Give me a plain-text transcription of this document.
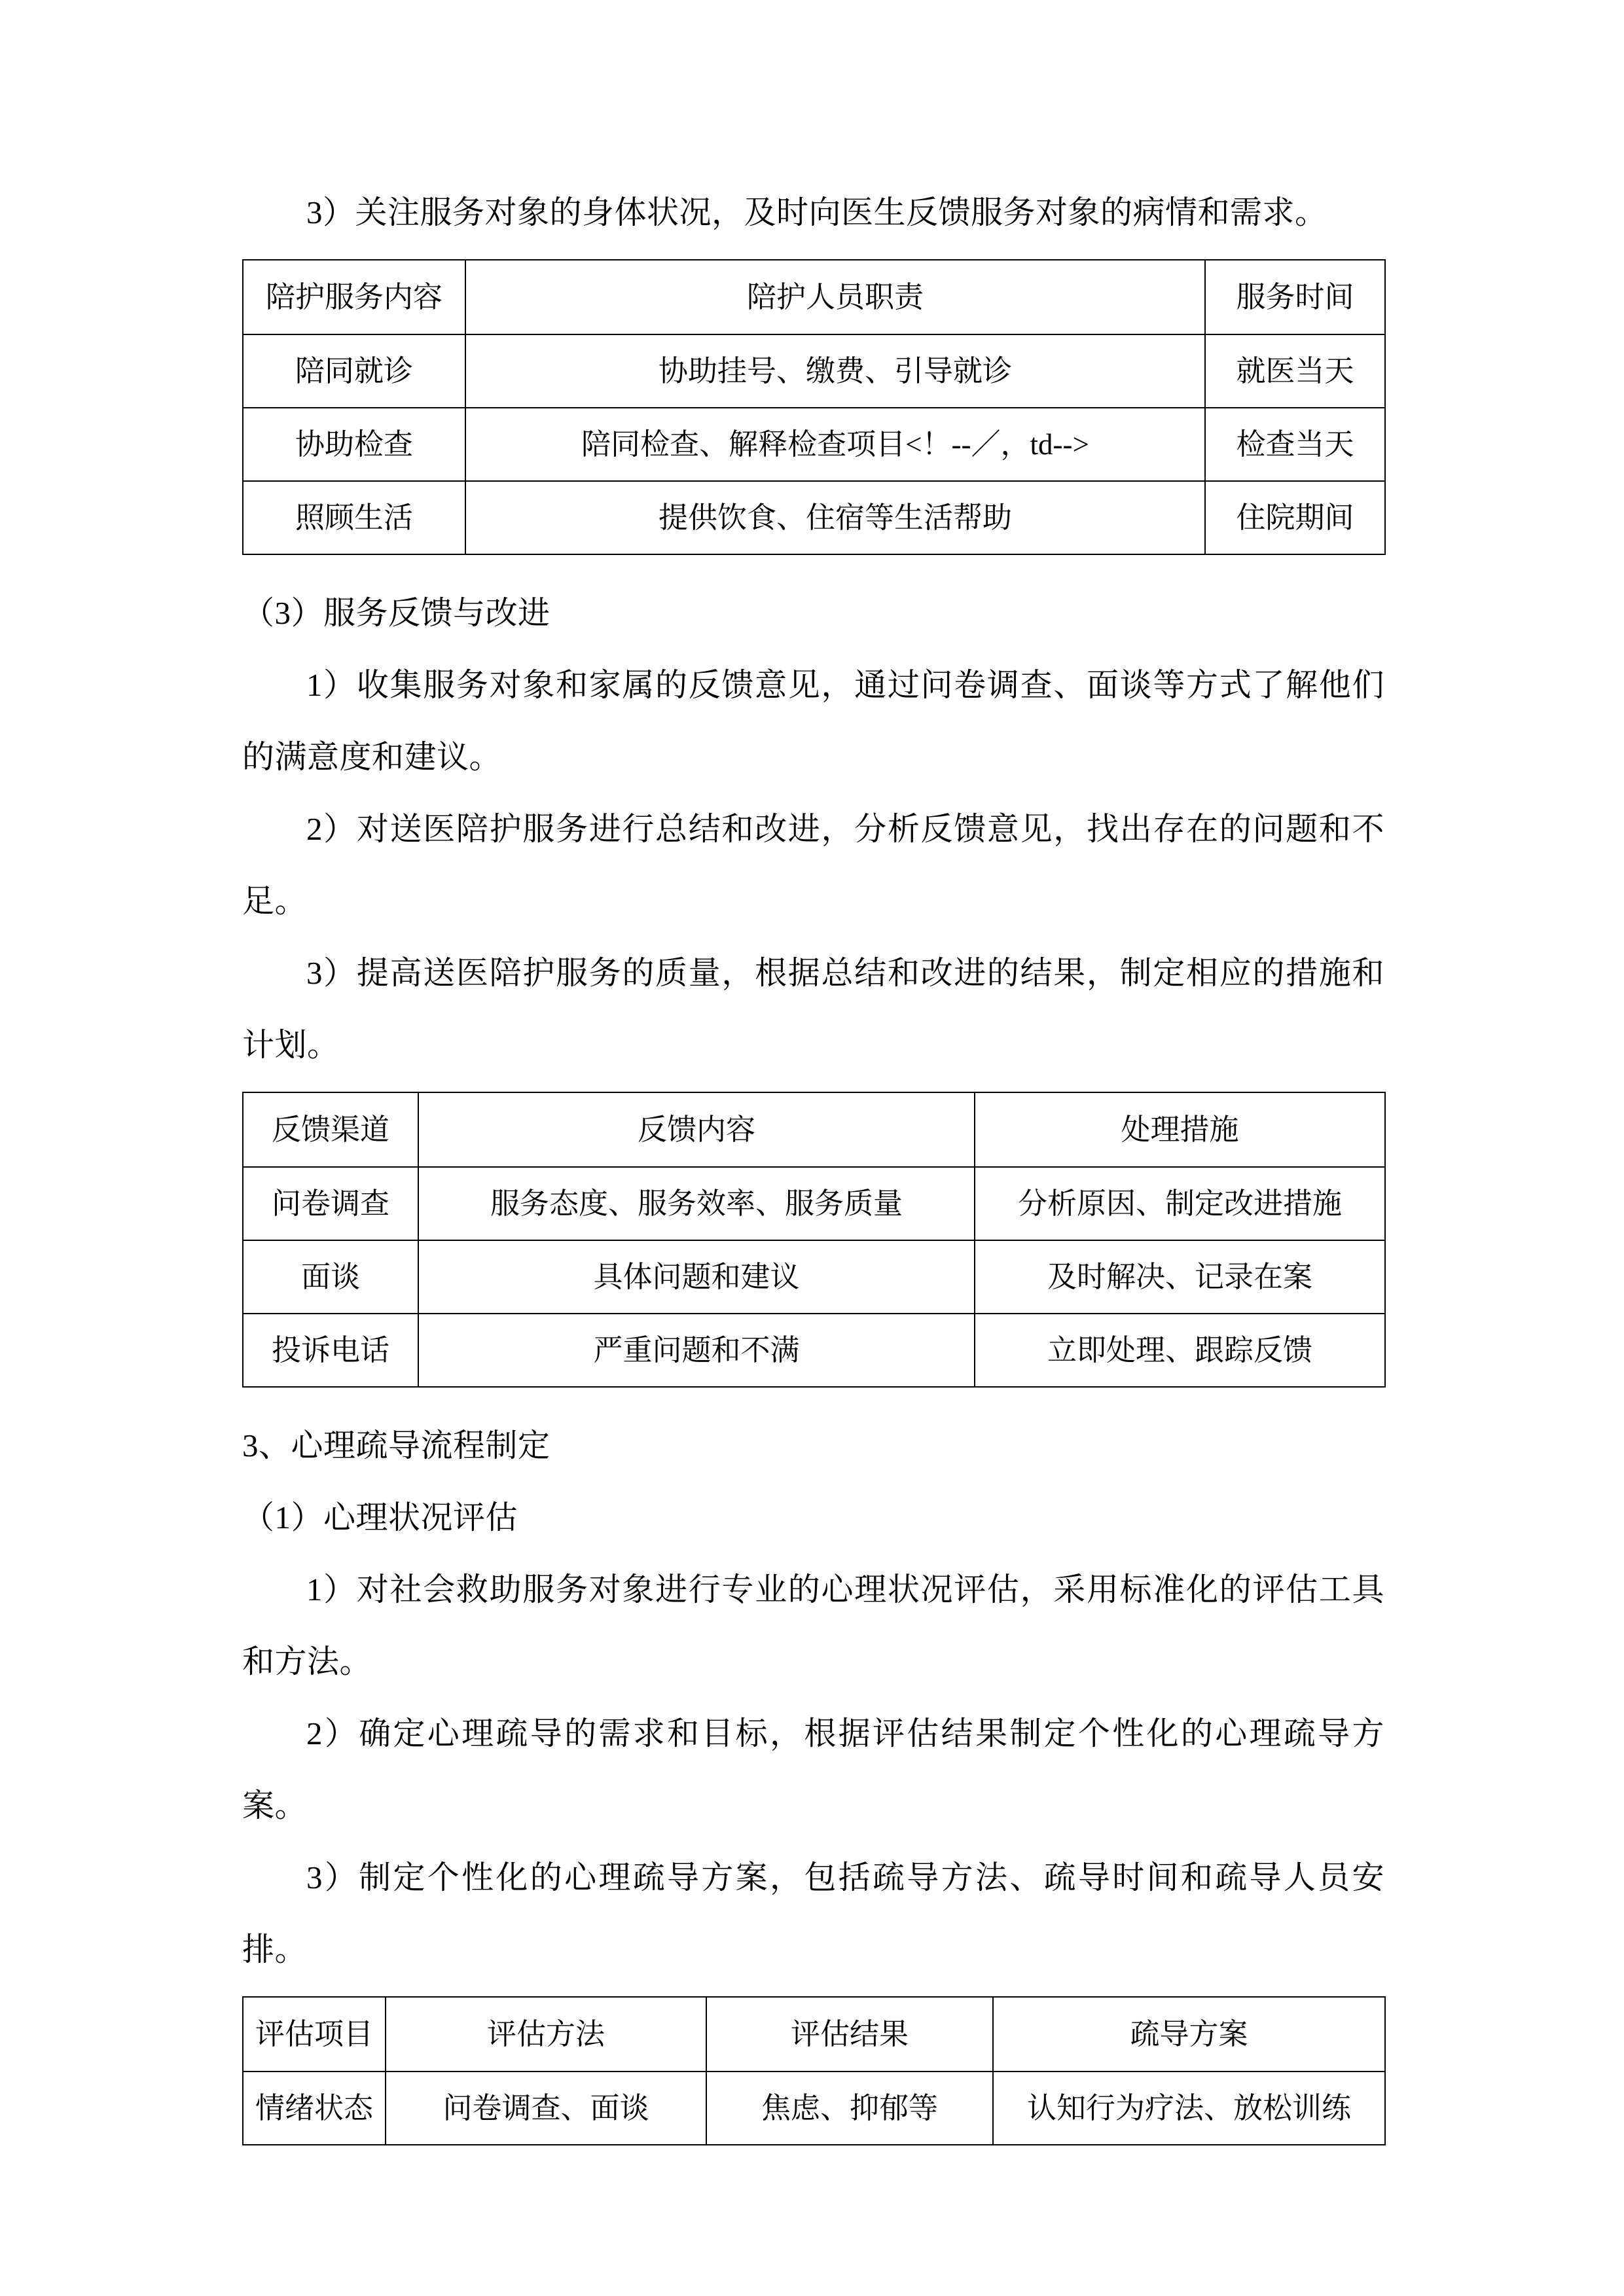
3）关注服务对象的身体状况，及时向医生反馈服务对象的病情和需求。

陪护服务内容	陪护人员职责	服务时间
陪同就诊	协助挂号、缴费、引导就诊	就医当天
协助检查	陪同检查、解释检查项目<！--／，td-->	检查当天
照顾生活	提供饮食、住宿等生活帮助	住院期间

（3）服务反馈与改进

1）收集服务对象和家属的反馈意见，通过问卷调查、面谈等方式了解他们的满意度和建议。

2）对送医陪护服务进行总结和改进，分析反馈意见，找出存在的问题和不足。

3）提高送医陪护服务的质量，根据总结和改进的结果，制定相应的措施和计划。

反馈渠道	反馈内容	处理措施
问卷调查	服务态度、服务效率、服务质量	分析原因、制定改进措施
面谈	具体问题和建议	及时解决、记录在案
投诉电话	严重问题和不满	立即处理、跟踪反馈

3、心理疏导流程制定

（1）心理状况评估

1）对社会救助服务对象进行专业的心理状况评估，采用标准化的评估工具和方法。

2）确定心理疏导的需求和目标，根据评估结果制定个性化的心理疏导方案。

3）制定个性化的心理疏导方案，包括疏导方法、疏导时间和疏导人员安排。

评估项目	评估方法	评估结果	疏导方案
情绪状态	问卷调查、面谈	焦虑、抑郁等	认知行为疗法、放松训练
